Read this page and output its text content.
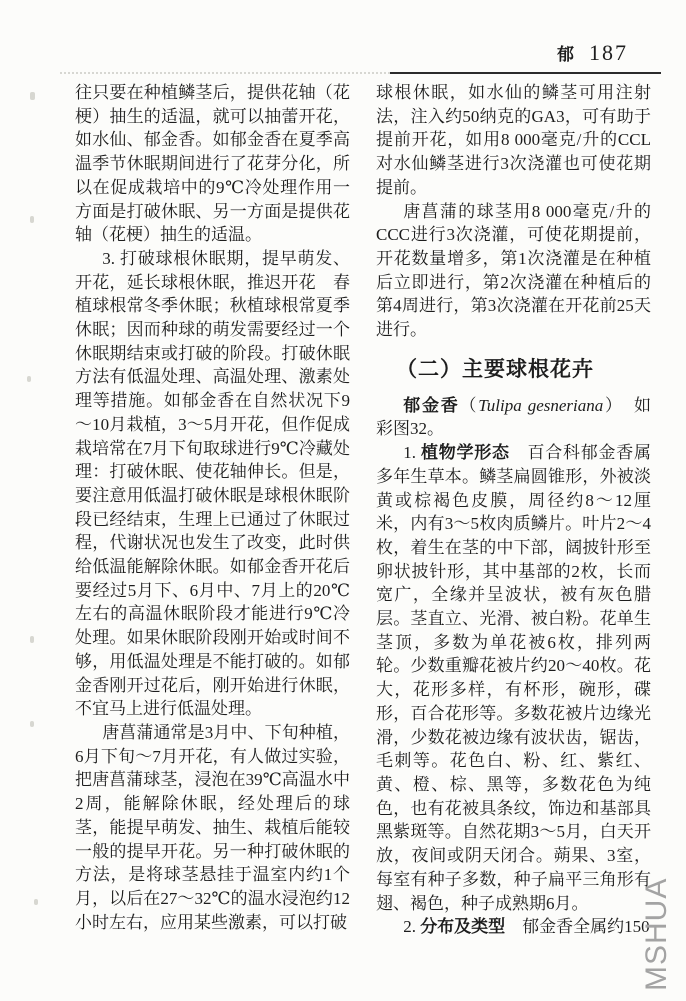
郁 187

往只要在种植鳞茎后，提供花轴（花梗）抽生的适温，就可以抽蕾开花，如水仙、郁金香。如郁金香在夏季高温季节休眠期间进行了花芽分化，所以在促成栽培中的9℃冷处理作用一方面是打破休眠、另一方面是提供花轴（花梗）抽生的适温。

3. 打破球根休眠期，提早萌发、开花，延长球根休眠，推迟开花　春植球根常冬季休眠；秋植球根常夏季休眠；因而种球的萌发需要经过一个休眠期结束或打破的阶段。打破休眠方法有低温处理、高温处理、激素处理等措施。如郁金香在自然状况下9～10月栽植，3～5月开花，但作促成栽培常在7月下旬取球进行9℃冷藏处理：打破休眠、使花轴伸长。但是，要注意用低温打破休眠是球根休眠阶段已经结束，生理上已通过了休眠过程，代谢状况也发生了改变，此时供给低温能解除休眠。如郁金香开花后要经过5月下、6月中、7月上的20℃左右的高温休眠阶段才能进行9℃冷处理。如果休眠阶段刚开始或时间不够，用低温处理是不能打破的。如郁金香刚开过花后，刚开始进行休眠，不宜马上进行低温处理。

唐菖蒲通常是3月中、下旬种植，6月下旬～7月开花，有人做过实验，把唐菖蒲球茎，浸泡在39℃高温水中2周，能解除休眠，经处理后的球茎，能提早萌发、抽生、栽植后能较一般的提早开花。另一种打破休眠的方法，是将球茎悬挂于温室内约1个月，以后在27～32℃的温水浸泡约12小时左右，应用某些激素，可以打破

球根休眠，如水仙的鳞茎可用注射法，注入约50纳克的GA3，可有助于提前开花，如用8 000毫克/升的CCL对水仙鳞茎进行3次浇灌也可使花期提前。

唐菖蒲的球茎用8 000毫克/升的CCC进行3次浇灌，可使花期提前，开花数量增多，第1次浇灌是在种植后立即进行，第2次浇灌在种植后的第4周进行，第3次浇灌在开花前25天进行。

（二）主要球根花卉

郁金香（Tulipa gesneriana）　如彩图32。

1. 植物学形态　百合科郁金香属多年生草本。鳞茎扁圆锥形，外被淡黄或棕褐色皮膜，周径约8～12厘米，内有3～5枚肉质鳞片。叶片2～4枚，着生在茎的中下部，阔披针形至卵状披针形，其中基部的2枚，长而宽广，全缘并呈波状，被有灰色腊层。茎直立、光滑、被白粉。花单生茎顶，多数为单花被6枚，排列两轮。少数重瓣花被片约20～40枚。花大，花形多样，有杯形，碗形，碟形，百合花形等。多数花被片边缘光滑，少数花被边缘有波状齿，锯齿，毛刺等。花色白、粉、红、紫红、黄、橙、棕、黑等，多数花色为纯色，也有花被具条纹，饰边和基部具黑紫斑等。自然花期3～5月，白天开放，夜间或阴天闭合。蒴果、3室，每室有种子多数，种子扁平三角形有翅、褐色，种子成熟期6月。

2. 分布及类型　郁金香全属约150

MSHUA
